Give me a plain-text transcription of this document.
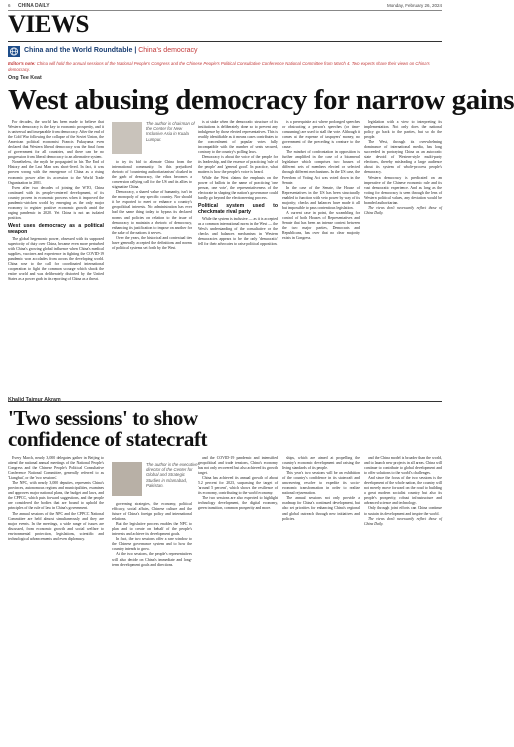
6 CHINA DAILY	Monday, February 26, 2024
VIEWS
China and the World Roundtable | China's democracy
Editor's note: China will hold the annual sessions of the National People's Congress and the Chinese People's Political Consultative Conference National Committee from March 4. Two experts share their views on China's democracy.
Ong Tee Keat
West abusing democracy for narrow gains

For decades, the world has been made to believe that Western democracy is the key to economic prosperity, and it is universal and inseparable from democracy. After the end of the Cold War following the collapse of the Soviet Union, the American political economist Francis Fukuyama even declared that Western liberal democracy was the final form of government for all countries, and there can be no progression from liberal democracy to an alternative system.

Nonetheless, the myth he propagated in his The End of History and the Last Man was short-lived. In fact, it was proven wrong with the emergence of China as a rising economic power after its accession to the World Trade Organization in 2001.

Even after two decades of joining the WTO, China continued with its people-centered development, of its country proven in economic prowess when it improved the pandemic-stricken world by emerging as the only major economy to register positive economic growth amid the raging pandemic in 2020. Yet China is not an isolated position.

West uses democracy as a political weapon

The global hegemonic power, obsessed with its supposed superiority of duty over China, became even more perturbed with China's growing global influence when China's medical supplies, vaccines and experience in fighting the COVID-19 pandemic won accolades from across the developing world. China rose to the call for coordinated international cooperation to fight the common scourge which shook the entire world and was deliberately distorted by the United States as a power grab in its reporting of China as a threat.

The author is chairman of the Center for New Inclusive Asia in Kuala Lumpur.

to try its bid to alienate China from the international community. In this prejudiced rhetoric of 'countering authoritarianism' cloaked in the garb of democracy, the ethos becomes a conversion rallying call for the US and its allies to stigmatize China.

Democracy, a shared value of humanity, isn't in the monopoly of any specific country. Nor should it be exported to meet or enhance a country's geopolitical interests. No administration has ever had the same thing today to bypass its declared norms and policies on relation to the issue of democracy to maintain a rhetoric of democracy, enhancing its justification to impose on another for the sake of the nations it serves.

Over the years, the historical and contextual ties have generally accepted the definitions and norms of political systems set forth by the West.

is at stake when the democratic structure of its institutions is deliberately done so to prevent any indulgence by those elected representatives. This is readily identifiable as it means cases contributes to the concealment of popular votes fully incompatible with the number of seats secured, contrary to the country's polling laws.

Democracy is about the voice of the people for its leadership, and the essence of practicing 'rule of the people' and 'general good'. In practice, what matters is how the people's voice is heard.

While the West claims the emphasis on the power of ballots in the name of practicing 'one person, one vote', the representativeness of the electorate in shaping the nation's governance could hardly go beyond the electioneering process.

Political system used to checkmate rival party

While the system is inclusive — as it is accepted as a common international norm in the West — the West's understanding of the consultative or the checks and balances mechanism in Western democracies appears to be the only 'democratic' fell for their advocates to raise political opposition.

is a prerequisite act where prolonged speeches or obstructing a person's speeches (or time-consuming) are used to stall the vote. Although it comes at the expense of taxpayers' money, no government of the preceding is creature to the cause.

The mindset of confrontation in opposition is further amplified in the case of a bicameral legislature which comprises two houses of different sets of members elected or selected through different mechanisms. In the US case, the Freedom of Voting Act was voted down in the Senate.

In the case of the Senate, the House of Representatives in the US has been structurally enabled to function with veto power by way of its majority; checks and balances have made it all but impossible to pass contentious legislation.

A current case in point, the scrambling for control of both Houses of Representatives and Senate that has been an intense contest between the two major parties, Democrats and Republicans, has over that no clear majority exists in Congress.

legislation with a view to interpreting its implementation. Not only does the national policy go back to the parties, but so do the people.

The West, through its overwhelming dominance of international media, has long succeeded in portraying China as an autocratic state devoid of Western-style multi-party elections, thereby misleading a large audience about its system of whole-process people's democracy.

Western democracy is predicated on an imperative of the Chinese economic rule and its vast democratic experience. And as long as the voting for democracy is seen through the lens of Western political values, any deviation would be branded authoritarian.

The views don't necessarily reflect those of China Daily.

Khalid Taimur Akram
'Two sessions' to show
confidence of statecraft

Every March, nearly 3,000 delegates gather in Beijing to attend the national annual meetings of the National People's Congress and the Chinese People's Political Consultative Conference National Committee, generally referred to as 'Lianghui', or the 'two sessions'.

The NPC, with nearly 3,000 deputies, represents China's provinces, autonomous regions and municipalities, examines and approves major national plans, the budget and laws, and the CPPCC, which puts forward suggestions, and the people are considered the bodies that are bound to uphold the principles of the rule of law in China's government.

The annual sessions of the NPC and the CPPCC National Committee are held almost simultaneously and they are major events. In the meetings, a wide range of issues are discussed, from economic growth and social welfare to environmental protection, legislations, scientific and technological advancements and even diplomacy.

The author is the executive director of the Center for Global and Strategic Studies in Islamabad, Pakistan.

governing strategies, the economy, political efficacy, social affairs, Chinese culture and the future of China's foreign policy and international relations.

But the legislative process enables the NPC to plan and to create on behalf of the people's interests and achieve its development goals.

In fact, the two sessions offer a rare window to the Chinese governance system and to how the country intends to grow.

At the two sessions, the people's representatives will also decide on China's immediate and long-term development goals and directions.

and the COVID-19 pandemic and intensified geopolitical and trade tensions, China's economy has not only recovered but also achieved its growth target.

China has achieved its annual growth of about 5.2 percent for 2023, surpassing the target of 'around 5 percent', which shows the resilience of its economy, contributing to the world economy.

The two sessions are also expected to highlight technology development, the digital economy, green transition, common prosperity and more.

ships, which are aimed at propelling the country's economic development and raising the living standards of its people.

This year's two sessions will be an exhibition of the country's confidence in its statecraft and unwavering resolve to expedite its socio-economic transformation in order to realize national rejuvenation.

The annual sessions not only provide a roadmap for China's continued development, but also set priorities for enhancing China's regional and global outreach through new initiatives and policies.

and the China model is broader than the world, and to launch new projects in all areas. China will continue to contribute to global development and to offer solutions to the world's challenges.

And since the focus of the two sessions is the development of the whole nation, the country will not merely move forward on the road to building a great modern socialist country but also its people's prosperity, robust infrastructure and advanced science and technology.

Only through joint efforts can China continue to sustain its development and inspire the world.

The views don't necessarily reflect those of China Daily.
